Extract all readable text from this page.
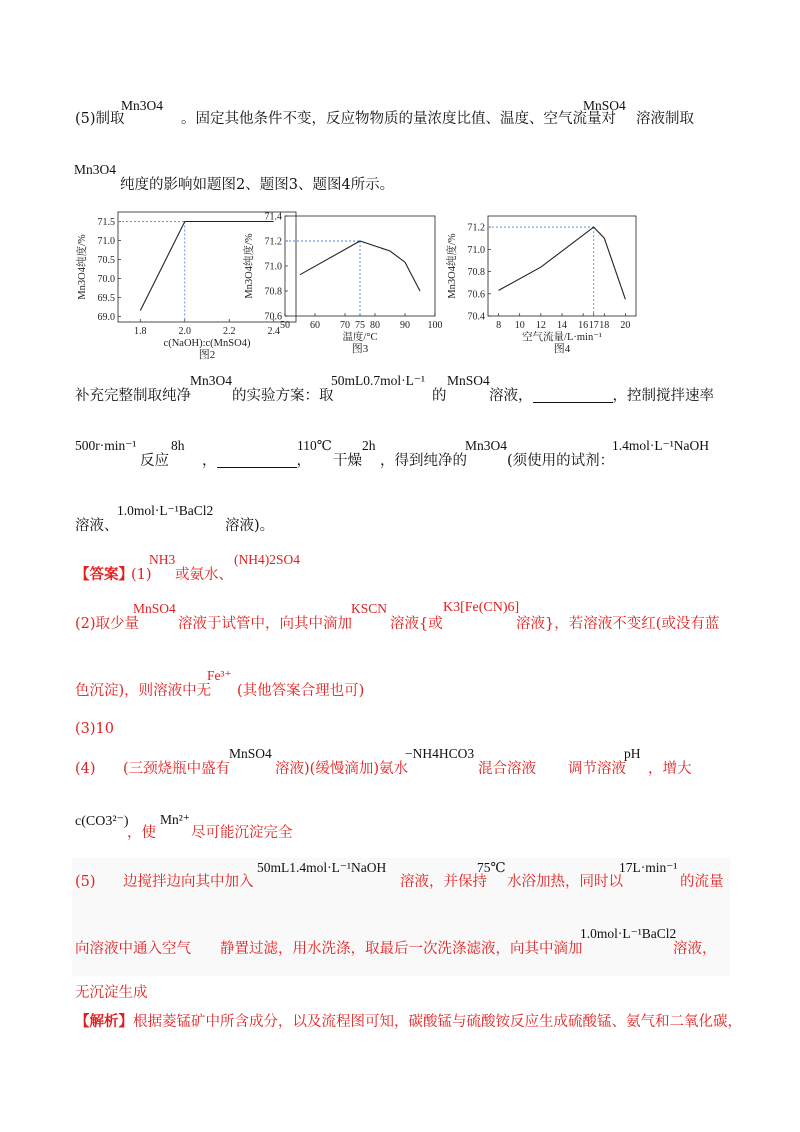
(5)制取
Mn3O4
。固定其他条件不变，反应物物质的量浓度比值、温度、空气流量对
MnSO4
溶液制取
Mn3O4
纯度的影响如题图2、题图3、题图4所示。
69.0
69.5
70.0
70.5
71.0
71.5
1.8	2.0	2.2	2.4
c(NaOH):c(MnSO4)
图2
Mn3O4纯度/%
70.6
70.8
71.0
71.2
71.4
50 60 70 75 80 90 100
温度/°C
图3
Mn3O4纯度/%
70.4
70.6
70.8
71.0
71.2
8 10 12 14 16 17 18 20
空气流量/L·min⁻¹
图4
Mn3O4纯度/%
补充完整制取纯净
Mn3O4
的实验方案：取
50mL0.7mol·L⁻¹
的
MnSO4
溶液，	，控制搅拌速率
500r·min⁻¹
反应
8h
，	，
110℃
干燥
2h
，得到纯净的
Mn3O4
(须使用的试剂：
1.4mol·L⁻¹NaOH
溶液、
1.0mol·L⁻¹BaCl2
溶液)。
【答案】
(1)
NH3
或氨水、
(NH4)2SO4
(2)取少量
MnSO4
溶液于试管中，向其中滴加
KSCN
溶液{或
K3[Fe(CN)6]
溶液}，若溶液不变红(或没有蓝
色沉淀)，则溶液中无
Fe³⁺
(其他答案合理也可)
(3)10
(4) (三颈烧瓶中盛有
MnSO4
溶液)(缓慢滴加)氨水
−NH4HCO3
混合溶液 调节溶液
pH
，增大
c(CO3²⁻)
，使
Mn²⁺
尽可能沉淀完全
(5) 边搅拌边向其中加入
50mL1.4mol·L⁻¹NaOH
溶液，并保持
75℃
水浴加热，同时以
17L·min⁻¹
的流量
向溶液中通入空气 静置过滤，用水洗涤，取最后一次洗涤滤液，向其中滴加
1.0mol·L⁻¹BaCl2
溶液，
无沉淀生成
【解析】根据菱锰矿中所含成分，以及流程图可知，碳酸锰与硫酸铵反应生成硫酸锰、氨气和二氧化碳，
